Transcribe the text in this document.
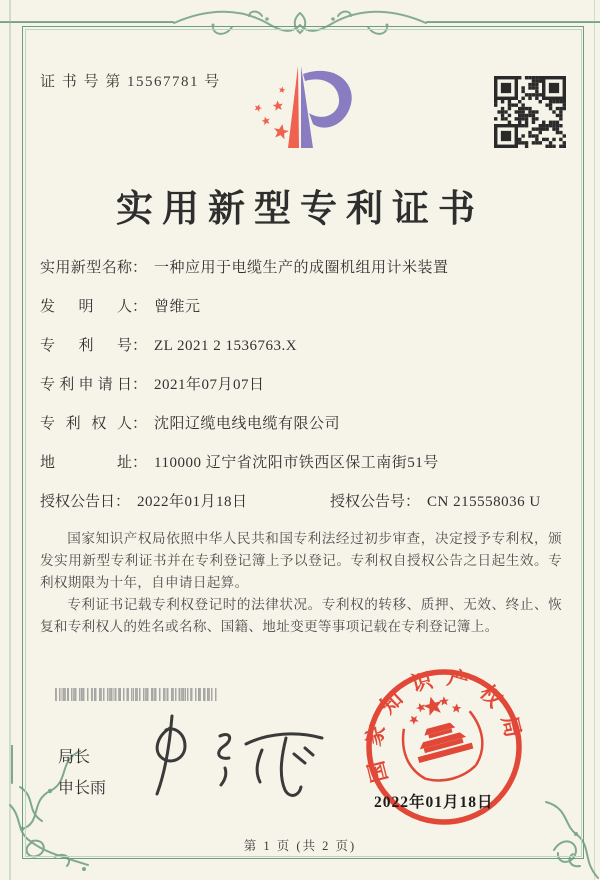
证 书 号 第 15567781 号
实用新型专利证书
实用新型名称： 一种应用于电缆生产的成圈机组用计米装置
发明人： 曾维元
专利号： ZL 2021 2 1536763.X
专利申请日： 2021年07月07日
专利权人： 沈阳辽缆电线电缆有限公司
地址： 110000 辽宁省沈阳市铁西区保工南街51号
授权公告日： 2022年01月18日	授权公告号： CN 215558036 U

国家知识产权局依照中华人民共和国专利法经过初步审查，决定授予专利权，颁发实用新型专利证书并在专利登记簿上予以登记。专利权自授权公告之日起生效。专利权期限为十年，自申请日起算。

专利证书记载专利权登记时的法律状况。专利权的转移、质押、无效、终止、恢复和专利权人的姓名或名称、国籍、地址变更等事项记载在专利登记簿上。

局长
申长雨
国家知识产权局
2022年01月18日
第 1 页 (共 2 页)
